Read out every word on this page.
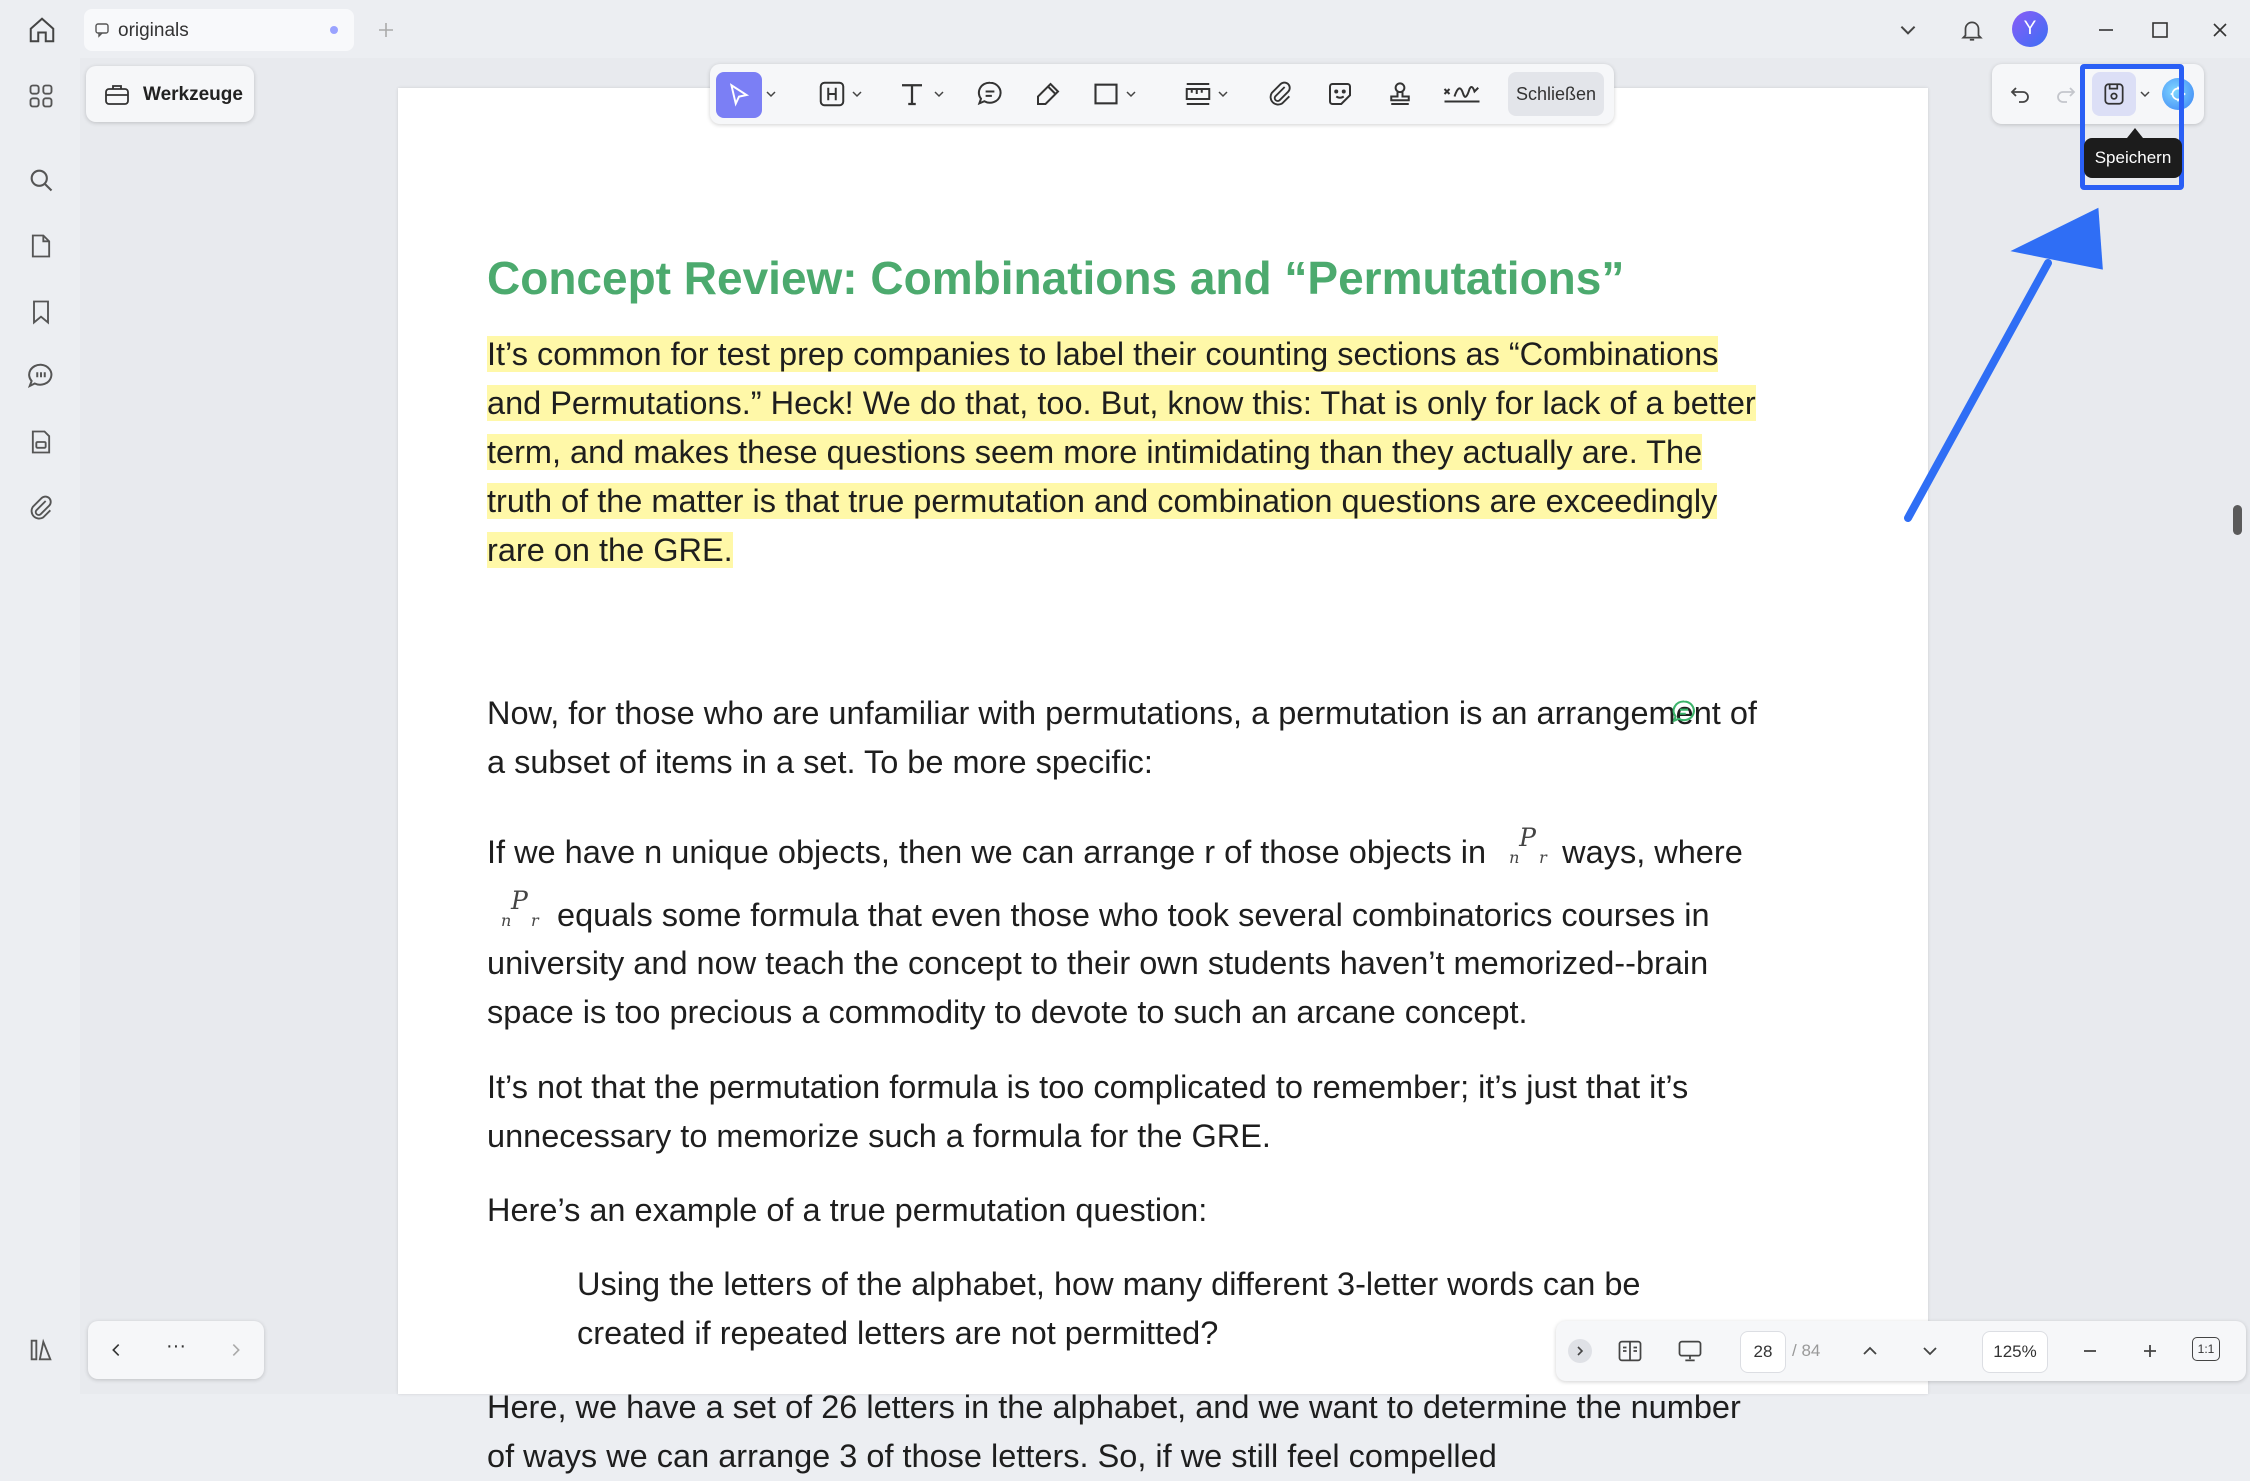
originals	Y
Werkzeuge
Concept Review: Combinations and “Permutations”
It’s common for test prep companies to label their counting sections as “Combinations
and Permutations.” Heck! We do that, too. But, know this: That is only for lack of a better
term, and makes these questions seem more intimidating than they actually are. The
truth of the matter is that true permutation and combination questions are exceedingly
rare on the GRE.
Now, for those who are unfamiliar with permutations, a permutation is an arrangement of
a subset of items in a set. To be more specific:
If we have n unique objects, then we can arrange r of those objects in n
P
r ways, where
n
P
r equals some formula that even those who took several combinatorics courses in
university and now teach the concept to their own students haven’t memorized--brain
space is too precious a commodity to devote to such an arcane concept.
It’s not that the permutation formula is too complicated to remember; it’s just that it’s
unnecessary to memorize such a formula for the GRE.
Here’s an example of a true permutation question:
Using the letters of the alphabet, how many different 3-letter words can be
created if repeated letters are not permitted?
Here, we have a set of 26 letters in the alphabet, and we want to determine the number
of ways we can arrange 3 of those letters. So, if we still feel compelled
Schließen
Speichern
···	28	/ 84	125%	1:1
